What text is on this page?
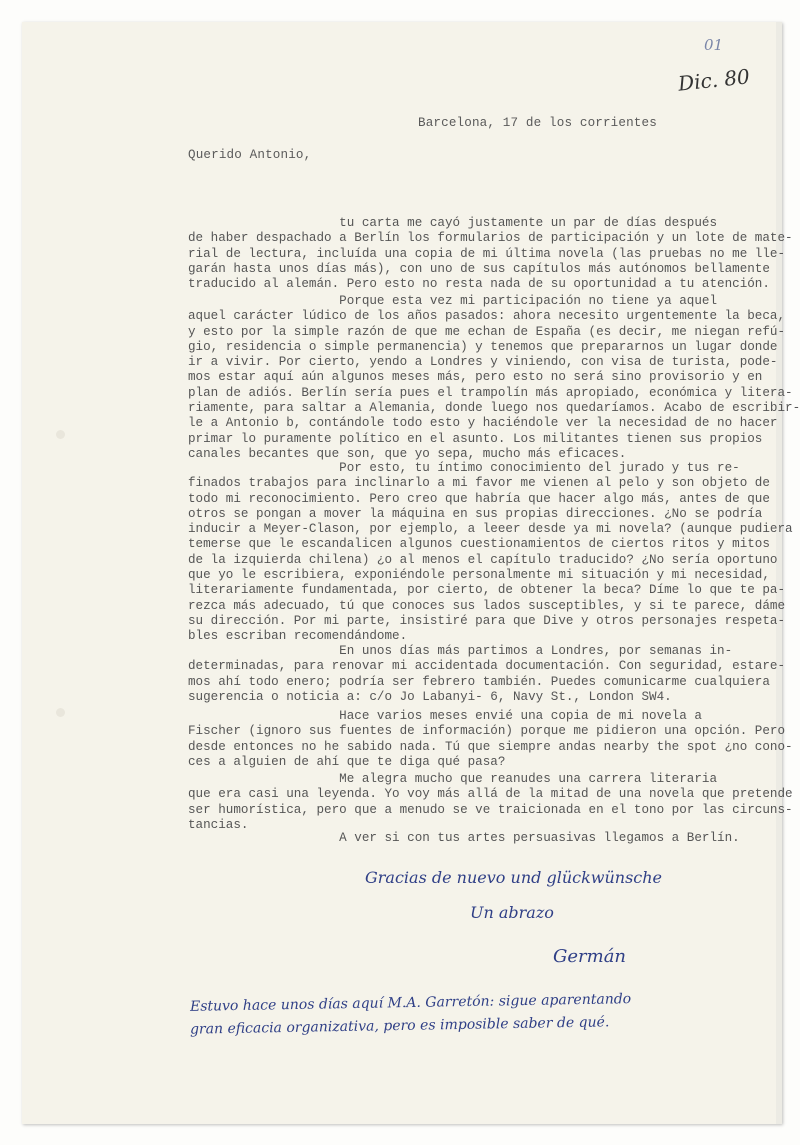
01
Dic. 80
Barcelona, 17 de los corrientes
Querido Antonio,
tu carta me cayó justamente un par de días después
de haber despachado a Berlín los formularios de participación y un lote de mate-
rial de lectura, incluída una copia de mi última novela (las pruebas no me lle-
garán hasta unos días más), con uno de sus capítulos más autónomos bellamente
traducido al alemán. Pero esto no resta nada de su oportunidad a tu atención.
Porque esta vez mi participación no tiene ya aquel
aquel carácter lúdico de los años pasados: ahora necesito urgentemente la beca,
y esto por la simple razón de que me echan de España (es decir, me niegan refú-
gio, residencia o simple permanencia) y tenemos que prepararnos un lugar donde
ir a vivir. Por cierto, yendo a Londres y viniendo, con visa de turista, pode-
mos estar aquí aún algunos meses más, pero esto no será sino provisorio y en
plan de adiós. Berlín sería pues el trampolín más apropiado, económica y litera-
riamente, para saltar a Alemania, donde luego nos quedaríamos. Acabo de escribir-
le a Antonio b, contándole todo esto y haciéndole ver la necesidad de no hacer
primar lo puramente político en el asunto. Los militantes tienen sus propios
canales becantes que son, que yo sepa, mucho más eficaces.
Por esto, tu íntimo conocimiento del jurado y tus re-
finados trabajos para inclinarlo a mi favor me vienen al pelo y son objeto de
todo mi reconocimiento. Pero creo que habría que hacer algo más, antes de que
otros se pongan a mover la máquina en sus propias direcciones. ¿No se podría
inducir a Meyer-Clason, por ejemplo, a leeer desde ya mi novela? (aunque pudiera
temerse que le escandalicen algunos cuestionamientos de ciertos ritos y mitos
de la izquierda chilena) ¿o al menos el capítulo traducido? ¿No sería oportuno
que yo le escribiera, exponiéndole personalmente mi situación y mi necesidad,
literariamente fundamentada, por cierto, de obtener la beca? Díme lo que te pa-
rezca más adecuado, tú que conoces sus lados susceptibles, y si te parece, dáme
su dirección. Por mi parte, insistiré para que Dive y otros personajes respeta-
bles escriban recomendándome.
En unos días más partimos a Londres, por semanas in-
determinadas, para renovar mi accidentada documentación. Con seguridad, estare-
mos ahí todo enero; podría ser febrero también. Puedes comunicarme cualquiera
sugerencia o noticia a: c/o Jo Labanyi- 6, Navy St., London SW4.
Hace varios meses envié una copia de mi novela a
Fischer (ignoro sus fuentes de información) porque me pidieron una opción. Pero
desde entonces no he sabido nada. Tú que siempre andas nearby the spot ¿no cono-
ces a alguien de ahí que te diga qué pasa?
Me alegra mucho que reanudes una carrera literaria
que era casi una leyenda. Yo voy más allá de la mitad de una novela que pretende
ser humorística, pero que a menudo se ve traicionada en el tono por las circuns-
tancias.
A ver si con tus artes persuasivas llegamos a Berlín.
Gracias de nuevo und glückwünsche
Un abrazo
Germán
Estuvo hace unos días aquí M.A. Garretón: sigue aparentando
gran eficacia organizativa, pero es imposible saber de qué.
